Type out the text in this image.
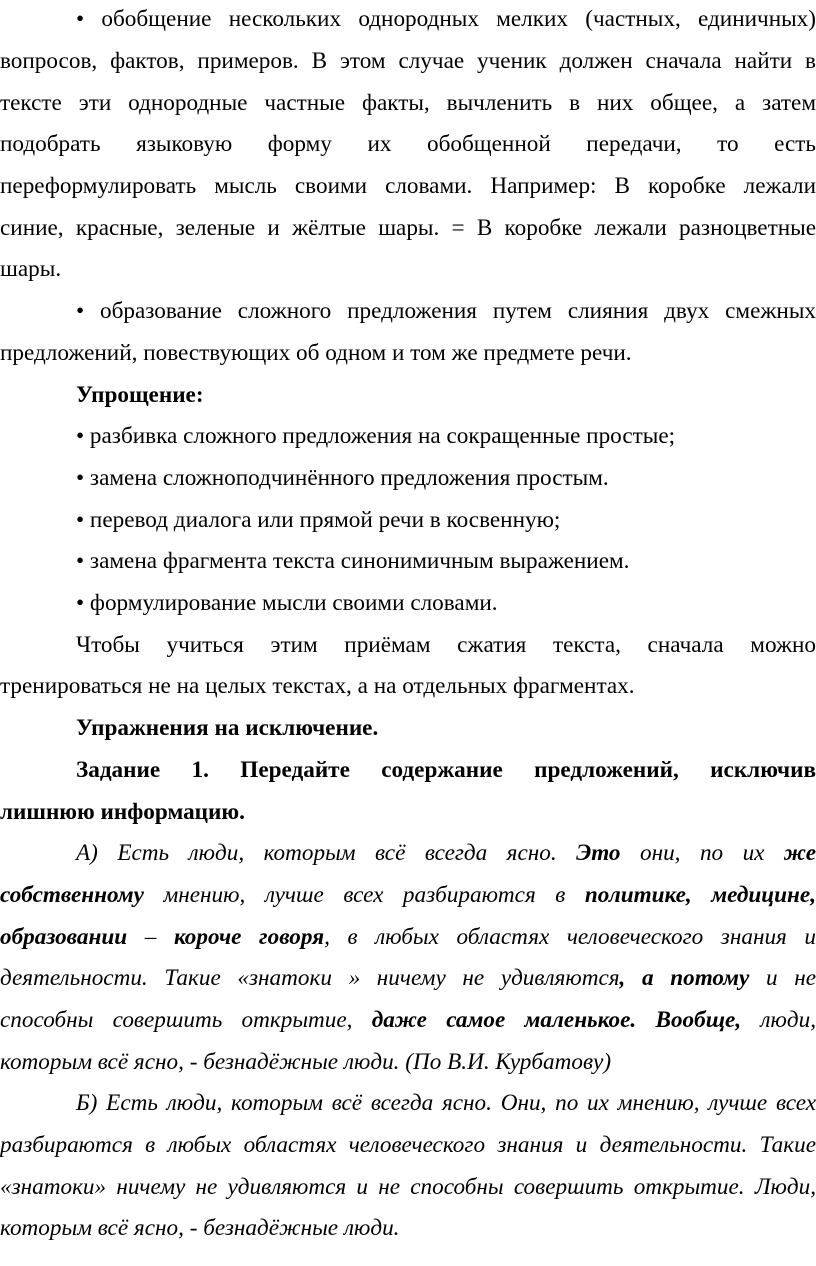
• обобщение нескольких однородных мелких (частных, единичных)
вопросов, фактов, примеров. В этом случае ученик должен сначала найти в
тексте эти однородные частные факты, вычленить в них общее, а затем
подобрать языковую форму их обобщенной передачи, то есть
переформулировать мысль своими словами. Например: В коробке лежали
синие, красные, зеленые и жёлтые шары. = В коробке лежали разноцветные
шары.
• образование сложного предложения путем слияния двух смежных
предложений, повествующих об одном и том же предмете речи.
Упрощение:
• разбивка сложного предложения на сокращенные простые;
• замена сложноподчинённого предложения простым.
• перевод диалога или прямой речи в косвенную;
• замена фрагмента текста синонимичным выражением.
• формулирование мысли своими словами.
Чтобы учиться этим приёмам сжатия текста, сначала можно
тренироваться не на целых текстах, а на отдельных фрагментах.
Упражнения на исключение.
Задание 1. Передайте содержание предложений, исключив
лишнюю информацию.
А) Есть люди, которым всё всегда ясно. Это они, по их же
собственному мнению, лучше всех разбираются в политике, медицине,
образовании – короче говоря, в любых областях человеческого знания и
деятельности. Такие «знатоки » ничему не удивляются, а потому и не
способны совершить открытие, даже самое маленькое. Вообще, люди,
которым всё ясно, - безнадёжные люди. (По В.И. Курбатову)
Б) Есть люди, которым всё всегда ясно. Они, по их мнению, лучше всех
разбираются в любых областях человеческого знания и деятельности. Такие
«знатоки» ничему не удивляются и не способны совершить открытие. Люди,
которым всё ясно, - безнадёжные люди.
